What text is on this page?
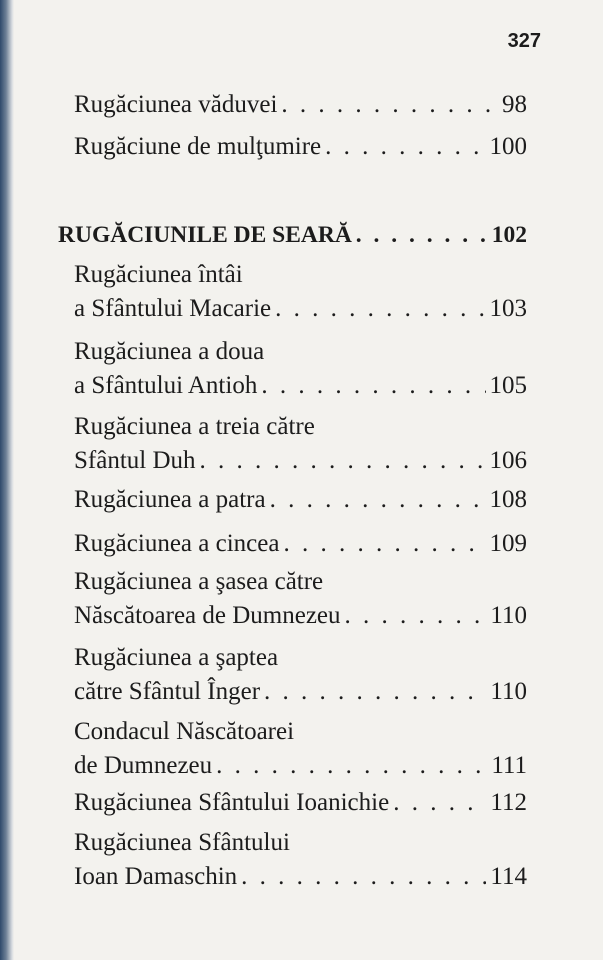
327
Rugăciunea văduvei . . .	98
Rugăciune de mulţumire . . .	100
RUGĂCIUNILE DE SEARĂ . . .	102
Rugăciunea întâi
a Sfântului Macarie . . .	103
Rugăciunea a doua
a Sfântului Antioh . . .	105
Rugăciunea a treia către
Sfântul Duh . . .	106
Rugăciunea a patra . . .	108
Rugăciunea a cincea . . .	109
Rugăciunea a şasea către
Născătoarea de Dumnezeu . . .	110
Rugăciunea a şaptea
către Sfântul Înger . . .	110
Condacul Născătoarei
de Dumnezeu . . .	111
Rugăciunea Sfântului Ioanichie . . .	112
Rugăciunea Sfântului
Ioan Damaschin . . .	114
